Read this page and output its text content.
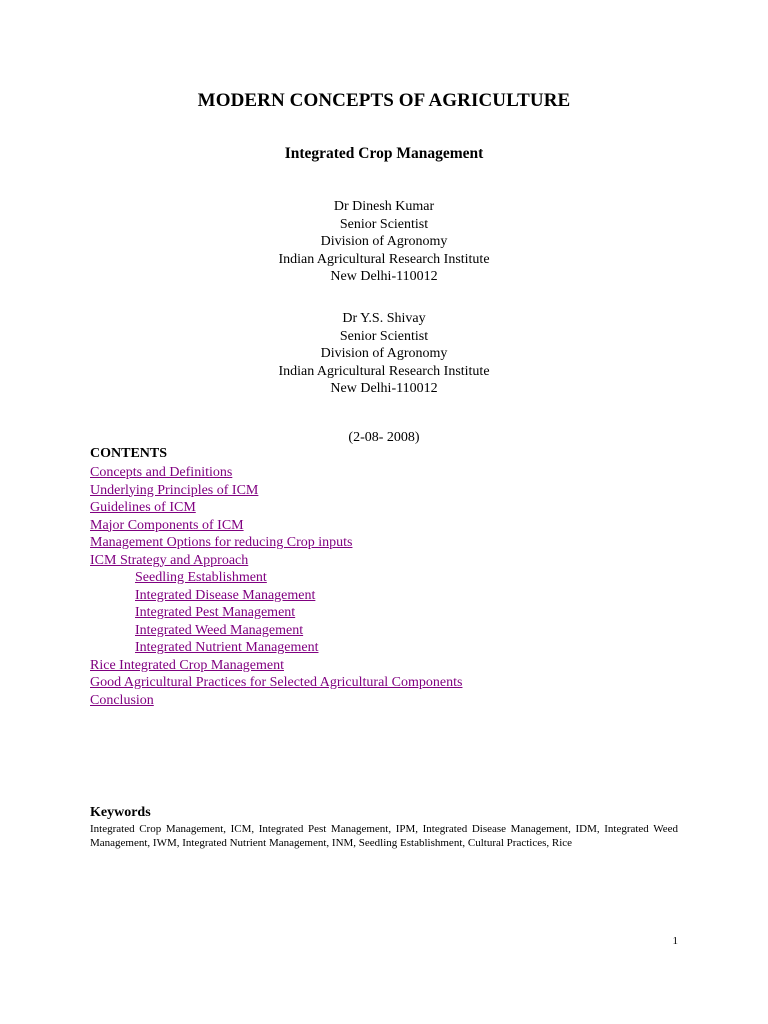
MODERN CONCEPTS OF AGRICULTURE
Integrated Crop Management
Dr Dinesh Kumar
Senior Scientist
Division of Agronomy
Indian Agricultural Research Institute
New Delhi-110012
Dr Y.S. Shivay
Senior Scientist
Division of Agronomy
Indian Agricultural Research Institute
New Delhi-110012
(2-08- 2008)
CONTENTS
Concepts and Definitions
Underlying Principles of ICM
Guidelines of ICM
Major Components of ICM
Management Options for reducing Crop inputs
ICM Strategy and Approach
Seedling Establishment
Integrated Disease Management
Integrated Pest Management
Integrated Weed Management
Integrated Nutrient Management
Rice Integrated Crop Management
Good Agricultural Practices for Selected Agricultural Components
Conclusion
Keywords
Integrated Crop Management, ICM, Integrated Pest Management, IPM, Integrated Disease Management, IDM, Integrated Weed Management, IWM, Integrated Nutrient Management, INM, Seedling Establishment, Cultural Practices, Rice
1
